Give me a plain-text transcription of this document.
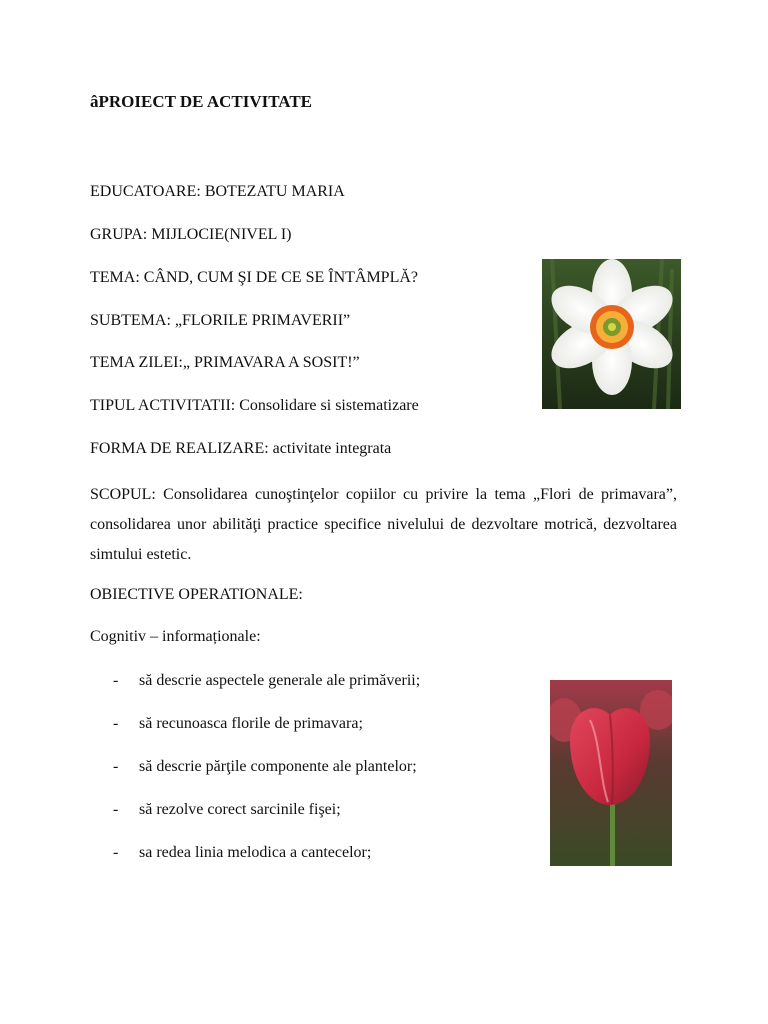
âPROIECT DE ACTIVITATE
EDUCATOARE: BOTEZATU MARIA
GRUPA: MIJLOCIE(NIVEL I)
TEMA: CÂND, CUM ŞI DE CE SE ÎNTÂMPLĂ?
SUBTEMA: „FLORILE PRIMAVERII”
TEMA ZILEI:„ PRIMAVARA A SOSIT!”
TIPUL ACTIVITATII: Consolidare si sistematizare
FORMA DE REALIZARE: activitate integrata
SCOPUL: Consolidarea cunoştinţelor copiilor cu privire la tema „Flori de primavara”, consolidarea unor abilităţi practice specifice nivelului de dezvoltare motrică, dezvoltarea simtului estetic.
OBIECTIVE OPERATIONALE:
Cognitiv – informaționale:
- să descrie aspectele generale ale primăverii;
- să recunoasca florile de primavara;
- să descrie părţile componente ale plantelor;
- să rezolve corect sarcinile fişei;
- sa redea linia melodica a cantecelor;
